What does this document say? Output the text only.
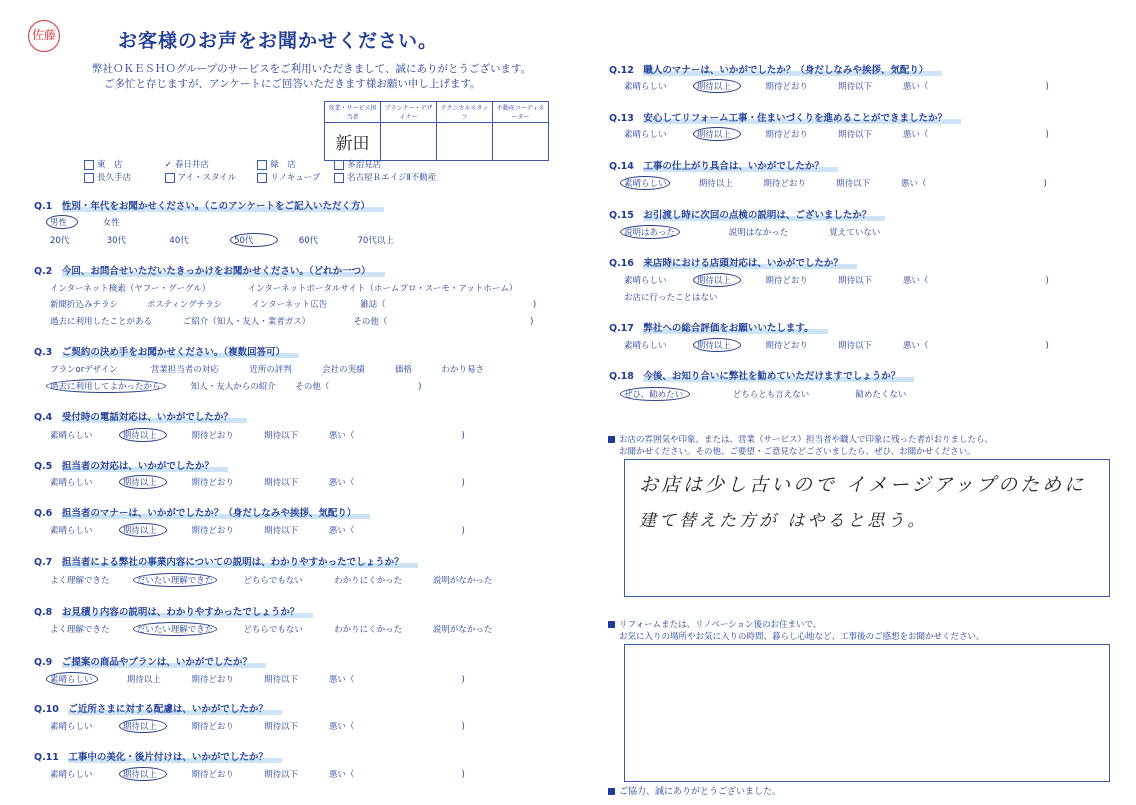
佐藤	お客様のお声をお聞かせください。
弊社ＯＫＥＳＨＯグループのサービスをご利用いただきまして、誠にありがとうございます。
ご多忙と存じますが、アンケートにご回答いただきます様お願い申し上げます。
営業・サービス担当者	プランナー・デザイナー	テクニカルスタッフ	不動産コーディネーター
新田			
東　店	✓ 春日井店	緑　店	多治見店
長久手店	アイ・スタイル	リノキューブ	名古屋ＲエイジⅡ不動産
Q.1　 性別・年代をお聞かせください。（このアンケートをご記入いただく方）
男性	女性
20代	30代	40代	50代	60代	70代以上
Q.2　 今回、お問合せいただいたきっかけをお聞かせください。（どれか一つ）
インターネット検索（ヤフー・グーグル）	インターネットポータルサイト（ホームプロ・スーモ・アットホーム）
新聞折込みチラシ	ポスティングチラシ	インターネット広告	雑誌（	)
過去に利用したことがある	ご紹介（知人・友人・業者ガス）	その他（	)
Q.3　 ご契約の決め手をお聞かせください。（複数回答可）
プランorデザイン	営業担当者の対応	近所の評判	会社の実績	価格	わかり易さ
過去に利用してよかったから	知人・友人からの紹介 その他（	)
Q.4　 受付時の電話対応は、いかがでしたか？
素晴らしい	期待以上	期待どおり	期待以下	悪い（	)
Q.5　 担当者の対応は、いかがでしたか？
素晴らしい	期待以上	期待どおり	期待以下	悪い（	)
Q.6　 担当者のマナーは、いかがでしたか？（身だしなみや挨拶、気配り）
素晴らしい	期待以上	期待どおり	期待以下	悪い（	)
Q.7　 担当者による弊社の事業内容についての説明は、わかりやすかったでしょうか？
よく理解できた	だいたい理解できた	どちらでもない	わかりにくかった	説明がなかった
Q.8　 お見積り内容の説明は、わかりやすかったでしょうか？
よく理解できた	だいたい理解できた	どちらでもない	わかりにくかった	説明がなかった
Q.9　 ご提案の商品やプランは、いかがでしたか？
素晴らしい	期待以上	期待どおり	期待以下	悪い（	)
Q.10　 ご近所さまに対する配慮は、いかがでしたか？
素晴らしい	期待以上	期待どおり	期待以下	悪い（	)
Q.11　 工事中の美化・後片付けは、いかがでしたか？
素晴らしい	期待以上	期待どおり	期待以下	悪い（	)
Q.12　 職人のマナーは、いかがでしたか？（身だしなみや挨拶、気配り）
素晴らしい	期待以上	期待どおり	期待以下	悪い（	)
Q.13　 安心してリフォーム工事・住まいづくりを進めることができましたか？
素晴らしい	期待以上	期待どおり	期待以下	悪い（	)
Q.14　 工事の仕上がり具合は、いかがでしたか？
素晴らしい	期待以上	期待どおり	期待以下	悪い（	)
Q.15　 お引渡し時に次回の点検の説明は、ございましたか？
説明はあった	説明はなかった	覚えていない
Q.16　 来店時における店頭対応は、いかがでしたか？
素晴らしい	期待以上	期待どおり	期待以下	悪い（	)
お店に行ったことはない
Q.17　 弊社への総合評価をお願いいたします。
素晴らしい	期待以上	期待どおり	期待以下	悪い（	)
Q.18　 今後、お知り合いに弊社を勧めていただけますでしょうか？
ぜひ、勧めたい	どちらとも言えない	勧めたくない
お店の雰囲気や印象。または、営業（サービス）担当者や職人で印象に残った者がおりましたら、
お聞かせください。その他、ご要望・ご意見などございましたら、ぜひ、お聞かせください。
お店は少し古いので イメージアップのために
建て替えた方が はやると思う。
リフォームまたは、リノベーション後のお住まいで、
お気に入りの場所やお気に入りの時間、暮らし心地など、工事後のご感想をお聞かせください。
ご協力、誠にありがとうございました。
